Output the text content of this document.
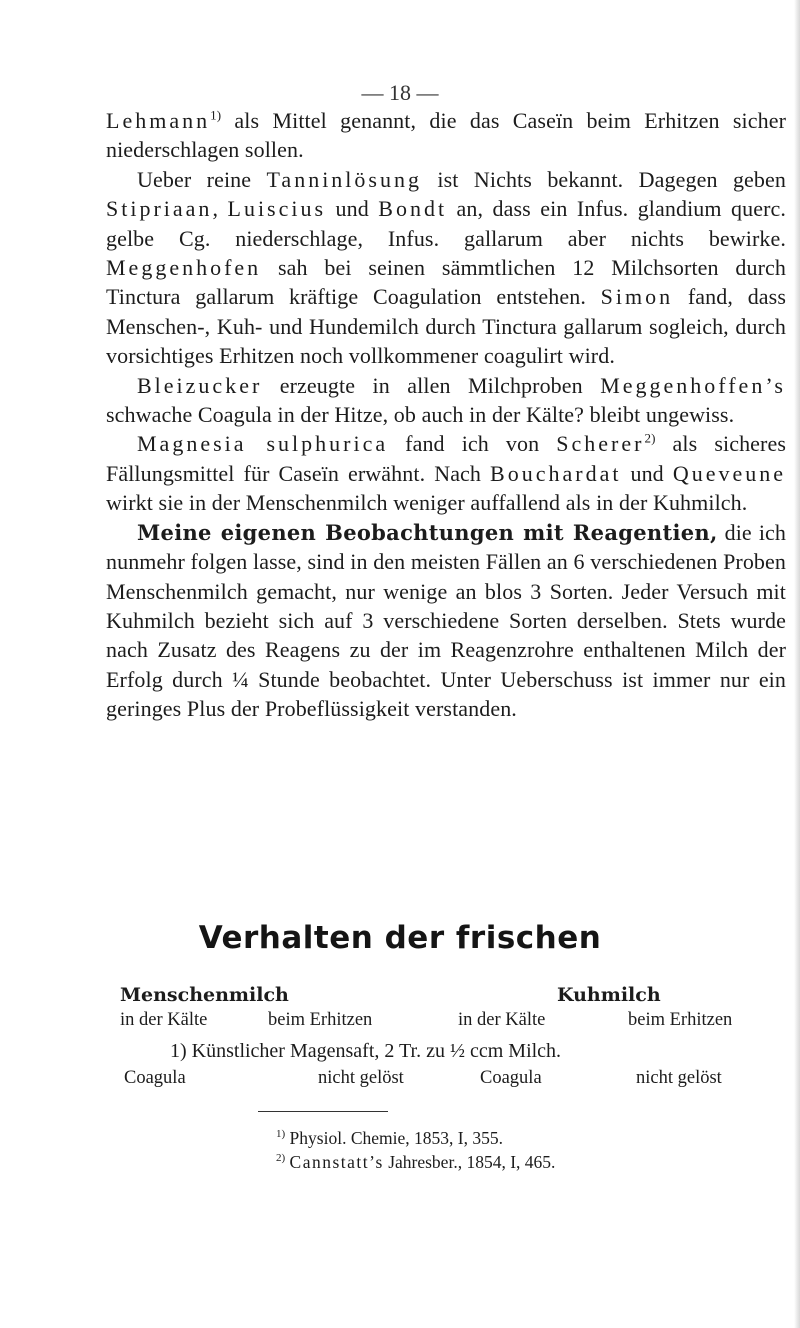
— 18 —

Lehmann$^{1)}$ als Mittel genannt, die das Caseïn beim Erhitzen sicher niederschlagen sollen.

Ueber reine Tanninlösung ist Nichts bekannt. Dagegen geben Stipriaan, Luiscius und Bondt an, dass ein Infus. glandium querc. gelbe Cg. niederschlage, Infus. gallarum aber nichts bewirke. Meggenhofen sah bei seinen sämmtlichen 12 Milchsorten durch Tinctura gallarum kräftige Coagulation entstehen. Simon fand, dass Menschen-, Kuh- und Hundemilch durch Tinctura gallarum sogleich, durch vorsichtiges Erhitzen noch vollkommener coagulirt wird.

Bleizucker erzeugte in allen Milchproben Meggenhoffen’s schwache Coagula in der Hitze, ob auch in der Kälte? bleibt ungewiss.

Magnesia sulphurica fand ich von Scherer$^{2)}$ als sicheres Fällungsmittel für Caseïn erwähnt. Nach Bouchardat und Queveune wirkt sie in der Menschenmilch weniger auffallend als in der Kuhmilch.

Meine eigenen Beobachtungen mit Reagentien, die ich nunmehr folgen lasse, sind in den meisten Fällen an 6 verschiedenen Proben Menschenmilch gemacht, nur wenige an blos 3 Sorten. Jeder Versuch mit Kuhmilch bezieht sich auf 3 verschiedene Sorten derselben. Stets wurde nach Zusatz des Reagens zu der im Reagenzrohre enthaltenen Milch der Erfolg durch ¼ Stunde beobachtet. Unter Ueberschuss ist immer nur ein geringes Plus der Probeflüssigkeit verstanden.

Verhalten der frischen
Menschenmilch	Kuhmilch
in der Kälte	beim Erhitzen	in der Kälte	beim Erhitzen
1) Künstlicher Magensaft, 2 Tr. zu ½ ccm Milch.
Coagula	nicht gelöst	Coagula	nicht gelöst
$^{1)}$ Physiol. Chemie, 1853, I, 355.
$^{2)}$ Cannstatt’s Jahresber., 1854, I, 465.
